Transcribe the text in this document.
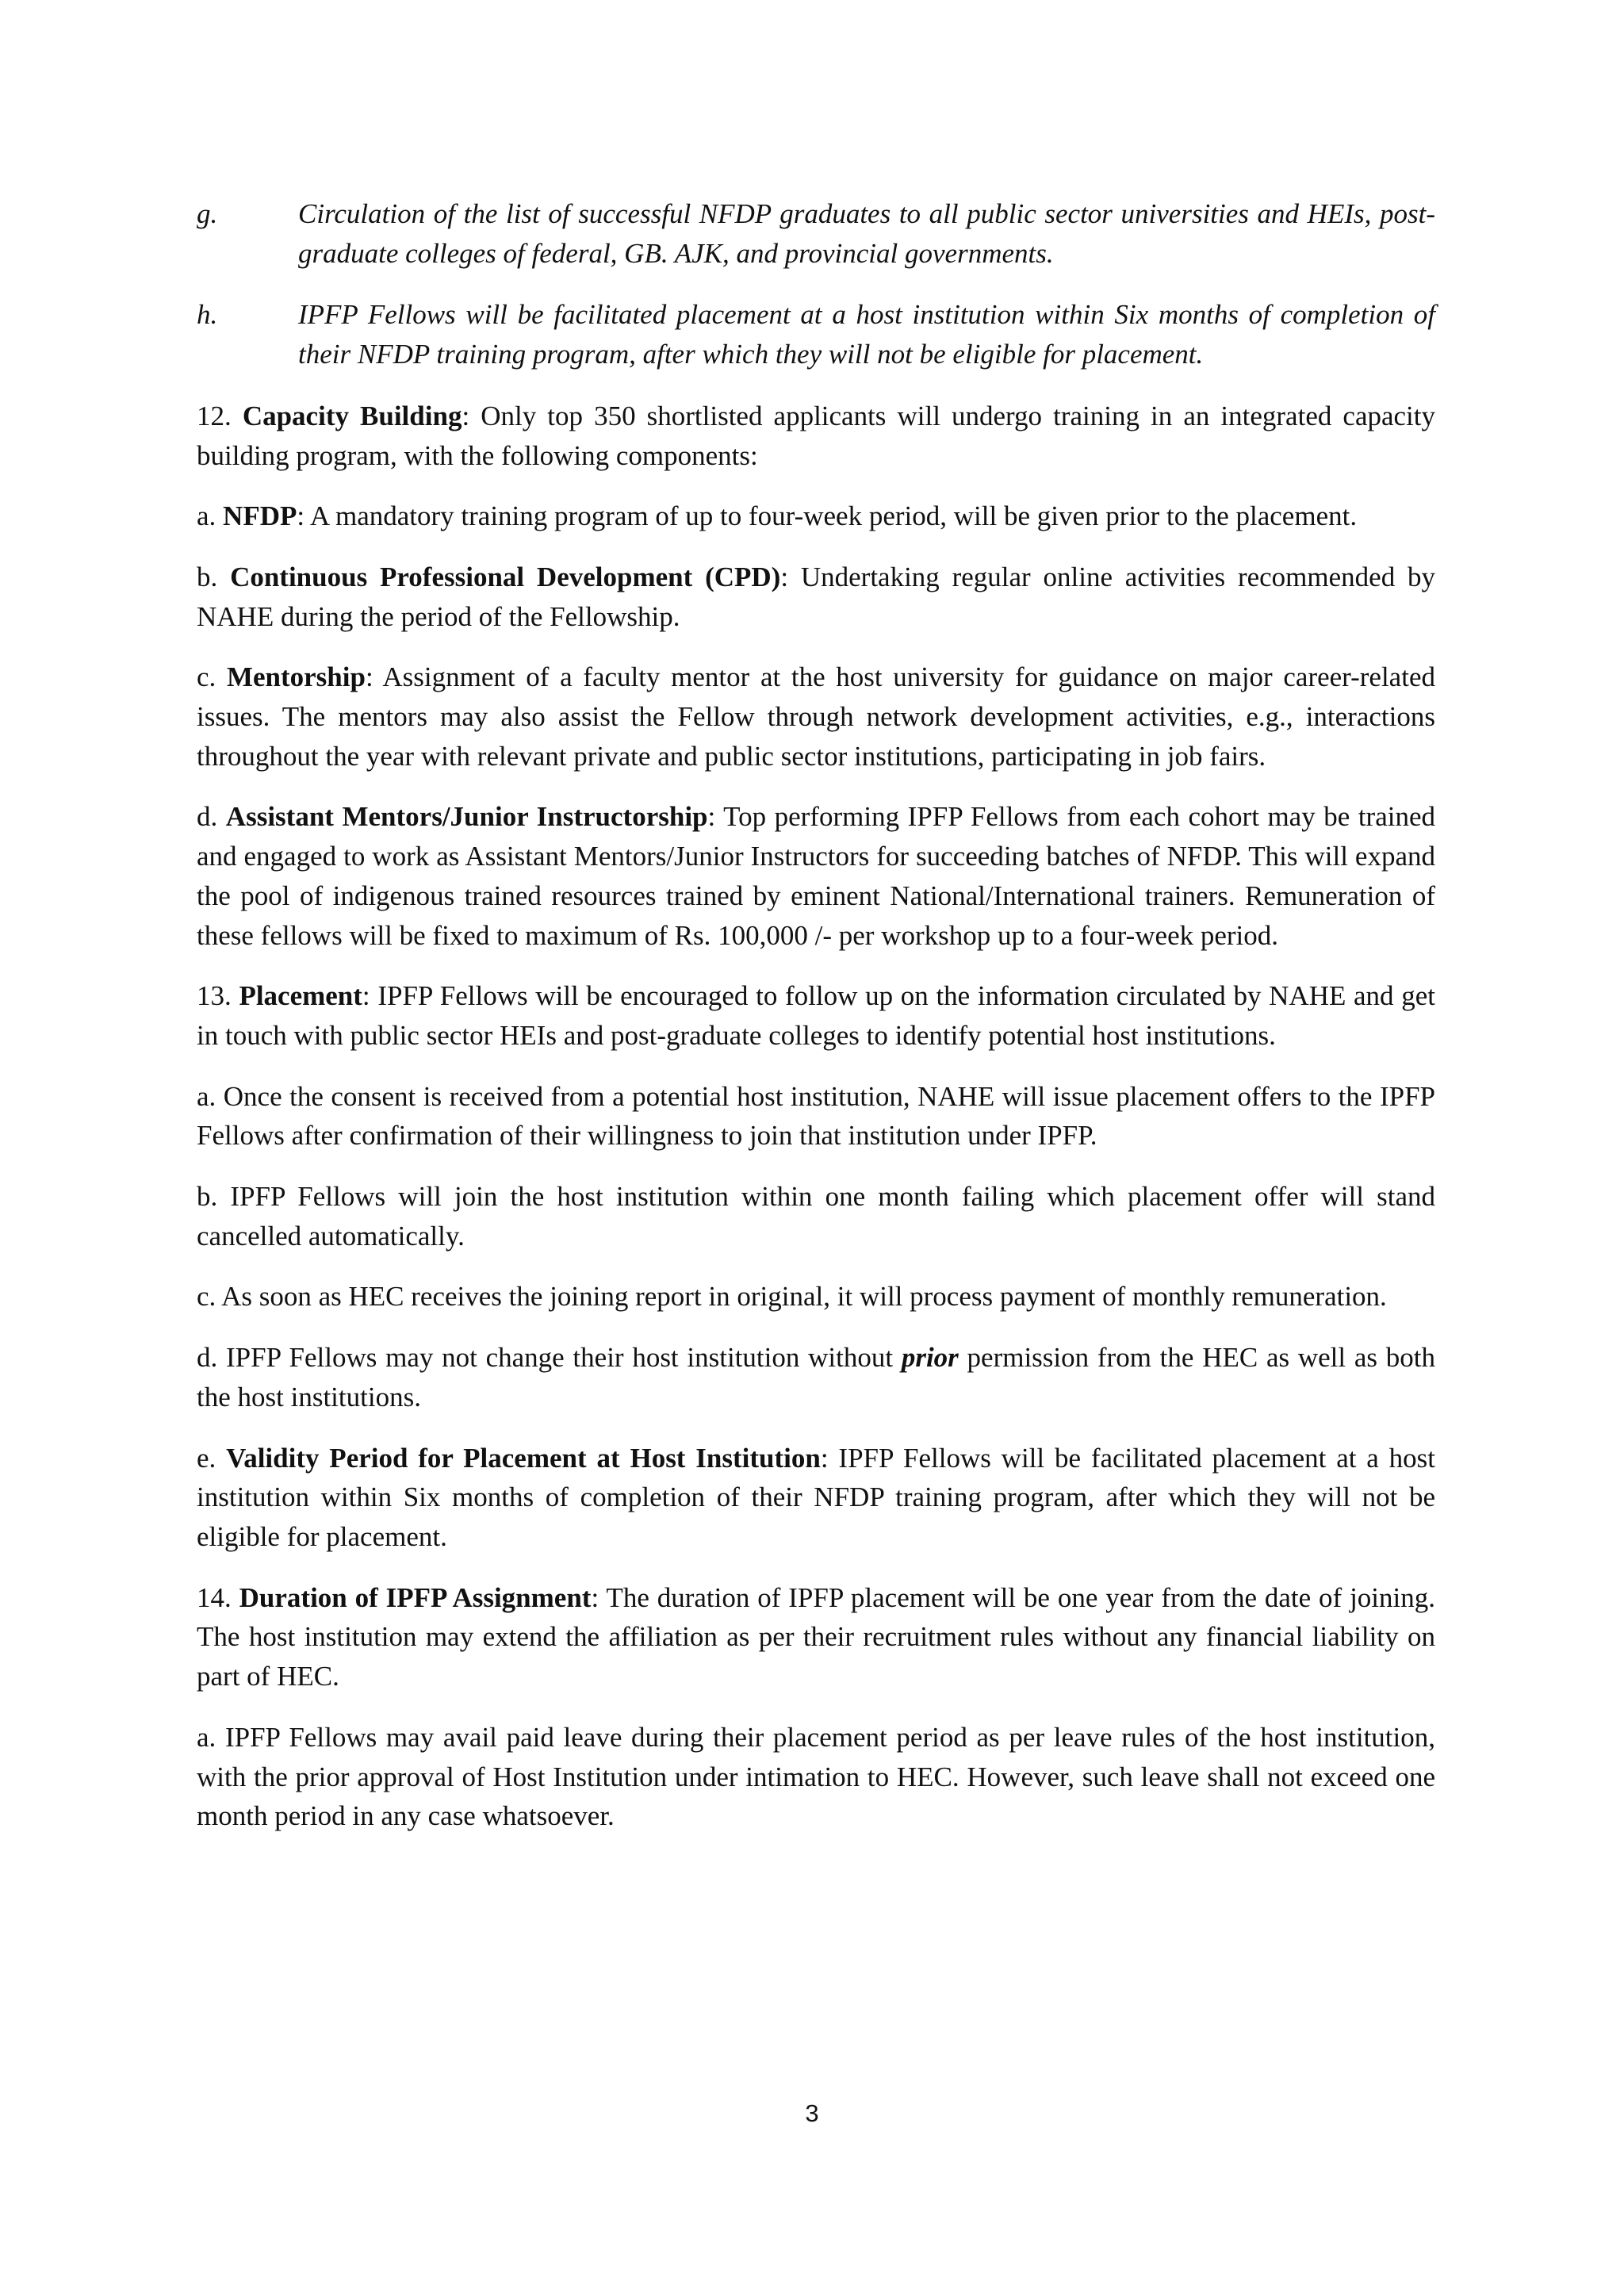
g.	Circulation of the list of successful NFDP graduates to all public sector universities and HEIs, post-graduate colleges of federal, GB. AJK, and provincial governments.
h.	IPFP Fellows will be facilitated placement at a host institution within Six months of completion of their NFDP training program, after which they will not be eligible for placement.

12. Capacity Building: Only top 350 shortlisted applicants will undergo training in an integrated capacity building program, with the following components:

a. NFDP: A mandatory training program of up to four-week period, will be given prior to the placement.

b. Continuous Professional Development (CPD): Undertaking regular online activities recommended by NAHE during the period of the Fellowship.

c. Mentorship: Assignment of a faculty mentor at the host university for guidance on major career-related issues. The mentors may also assist the Fellow through network development activities, e.g., interactions throughout the year with relevant private and public sector institutions, participating in job fairs.

d. Assistant Mentors/Junior Instructorship: Top performing IPFP Fellows from each cohort may be trained and engaged to work as Assistant Mentors/Junior Instructors for succeeding batches of NFDP. This will expand the pool of indigenous trained resources trained by eminent National/International trainers. Remuneration of these fellows will be fixed to maximum of Rs. 100,000 /- per workshop up to a four-week period.

13. Placement: IPFP Fellows will be encouraged to follow up on the information circulated by NAHE and get in touch with public sector HEIs and post-graduate colleges to identify potential host institutions.

a. Once the consent is received from a potential host institution, NAHE will issue placement offers to the IPFP Fellows after confirmation of their willingness to join that institution under IPFP.

b. IPFP Fellows will join the host institution within one month failing which placement offer will stand cancelled automatically.

c. As soon as HEC receives the joining report in original, it will process payment of monthly remuneration.

d. IPFP Fellows may not change their host institution without prior permission from the HEC as well as both the host institutions.

e. Validity Period for Placement at Host Institution: IPFP Fellows will be facilitated placement at a host institution within Six months of completion of their NFDP training program, after which they will not be eligible for placement.

14. Duration of IPFP Assignment: The duration of IPFP placement will be one year from the date of joining. The host institution may extend the affiliation as per their recruitment rules without any financial liability on part of HEC.

a. IPFP Fellows may avail paid leave during their placement period as per leave rules of the host institution, with the prior approval of Host Institution under intimation to HEC. However, such leave shall not exceed one month period in any case whatsoever.

3
